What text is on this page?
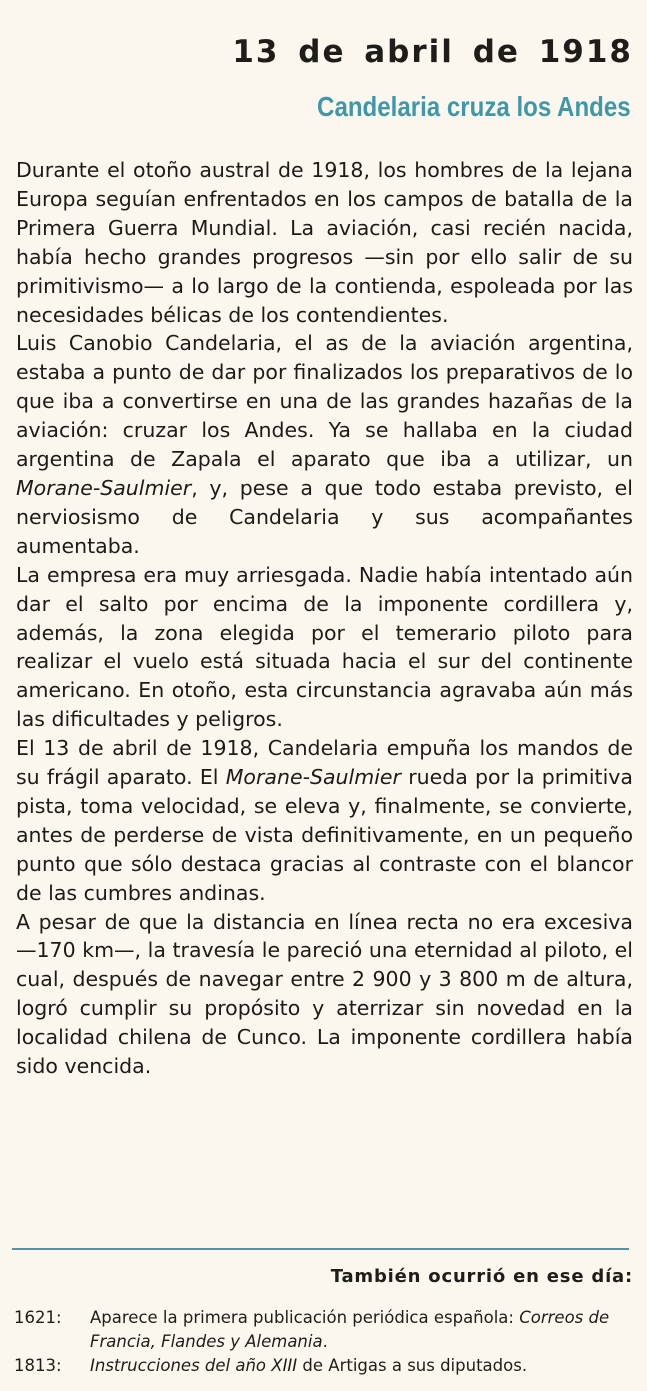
13 de abril de 1918
Candelaria cruza los Andes

Durante el otoño austral de 1918, los hombres de la lejana Europa seguían enfrentados en los campos de batalla de la Primera Guerra Mundial. La aviación, casi recién nacida, había hecho grandes progresos —sin por ello salir de su primitivismo— a lo largo de la contienda, espoleada por las necesidades bélicas de los contendientes.

Luis Canobio Candelaria, el as de la aviación argentina, estaba a punto de dar por finalizados los preparativos de lo que iba a convertirse en una de las grandes hazañas de la aviación: cruzar los Andes. Ya se hallaba en la ciudad argentina de Zapala el aparato que iba a utilizar, un Morane-Saulmier, y, pese a que todo estaba previsto, el nerviosismo de Candelaria y sus acompañantes aumentaba.

La empresa era muy arriesgada. Nadie había intentado aún dar el salto por encima de la imponente cordillera y, además, la zona elegida por el temerario piloto para realizar el vuelo está situada hacia el sur del continente americano. En otoño, esta circunstancia agravaba aún más las dificultades y peligros.

El 13 de abril de 1918, Candelaria empuña los mandos de su frágil aparato. El Morane-Saulmier rueda por la primitiva pista, toma velocidad, se eleva y, finalmente, se convierte, antes de perderse de vista definitivamente, en un pequeño punto que sólo destaca gracias al contraste con el blancor de las cumbres andinas.

A pesar de que la distancia en línea recta no era excesiva —170 km—, la travesía le pareció una eternidad al piloto, el cual, después de navegar entre 2 900 y 3 800 m de altura, logró cumplir su propósito y aterrizar sin novedad en la localidad chilena de Cunco. La imponente cordillera había sido vencida.

También ocurrió en ese día:
1621:	Aparece la primera publicación periódica española: Correos de Francia, Flandes y Alemania.
1813:	Instrucciones del año XIII de Artigas a sus diputados.
